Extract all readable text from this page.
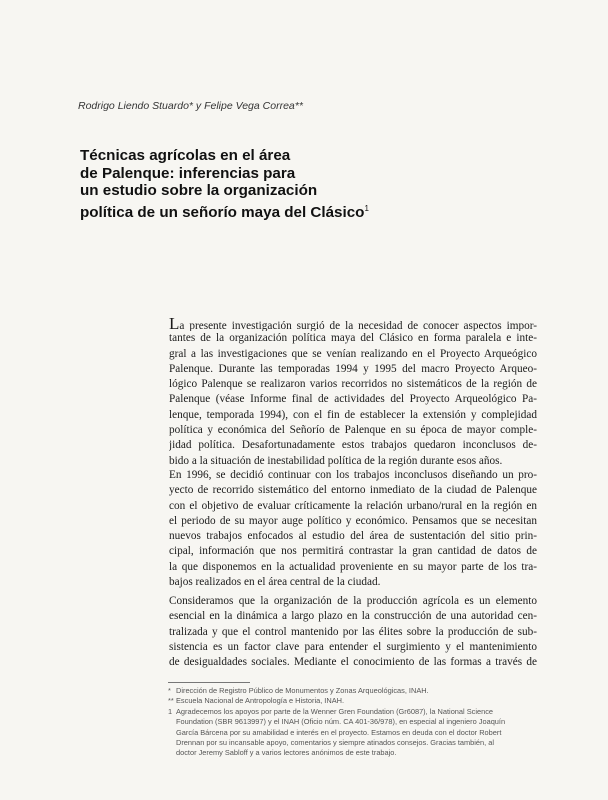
Rodrigo Liendo Stuardo* y Felipe Vega Correa**

Técnicas agrícolas en el área
de Palenque: inferencias para
un estudio sobre la organización
política de un señorío maya del Clásico$^1$
La presente investigación surgió de la necesidad de conocer aspectos impor-
tantes de la organización política maya del Clásico en forma paralela e inte-
gral a las investigaciones que se venían realizando en el Proyecto Arqueógico
Palenque. Durante las temporadas 1994 y 1995 del macro Proyecto Arqueo-
lógico Palenque se realizaron varios recorridos no sistemáticos de la región de
Palenque (véase Informe final de actividades del Proyecto Arqueológico Pa-
lenque, temporada 1994), con el fin de establecer la extensión y complejidad
política y económica del Señorío de Palenque en su época de mayor comple-
jidad política. Desafortunadamente estos trabajos quedaron inconclusos de-
bido a la situación de inestabilidad política de la región durante esos años.
En 1996, se decidió continuar con los trabajos inconclusos diseñando un pro-
yecto de recorrido sistemático del entorno inmediato de la ciudad de Palenque
con el objetivo de evaluar críticamente la relación urbano/rural en la región en
el periodo de su mayor auge político y económico. Pensamos que se necesitan
nuevos trabajos enfocados al estudio del área de sustentación del sitio prin-
cipal, información que nos permitirá contrastar la gran cantidad de datos de
la que disponemos en la actualidad proveniente en su mayor parte de los tra-
bajos realizados en el área central de la ciudad.
Consideramos que la organización de la producción agrícola es un elemento
esencial en la dinámica a largo plazo en la construcción de una autoridad cen-
tralizada y que el control mantenido por las élites sobre la producción de sub-
sistencia es un factor clave para entender el surgimiento y el mantenimiento
de desigualdades sociales. Mediante el conocimiento de las formas a través de
* Dirección de Registro Público de Monumentos y Zonas Arqueológicas, INAH.
** Escuela Nacional de Antropología e Historia, INAH.
1 Agradecemos los apoyos por parte de la Wenner Gren Foundation (Gr6087), la National Science
Foundation (SBR 9613997) y el INAH (Oficio núm. CA 401-36/978), en especial al ingeniero Joaquín
García Bárcena por su amabilidad e interés en el proyecto. Estamos en deuda con el doctor Robert
Drennan por su incansable apoyo, comentarios y siempre atinados consejos. Gracias también, al
doctor Jeremy Sabloff y a varios lectores anónimos de este trabajo.
